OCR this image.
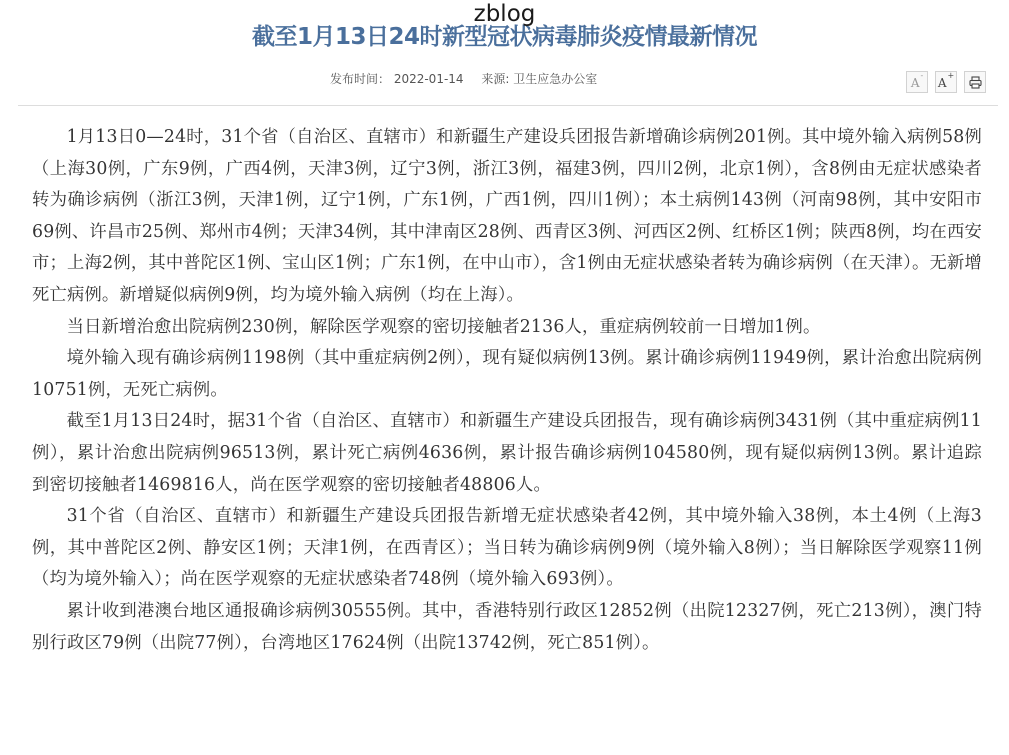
zblog
截至1月13日24时新型冠状病毒肺炎疫情最新情况
发布时间： 2022-01-14 来源: 卫生应急办公室	A-
A+

1月13日0—24时，31个省（自治区、直辖市）和新疆生产建设兵团报告新增确诊病例201例。其中境外输入病例58例（上海30例，广东9例，广西4例，天津3例，辽宁3例，浙江3例，福建3例，四川2例，北京1例），含8例由无症状感染者转为确诊病例（浙江3例，天津1例，辽宁1例，广东1例，广西1例，四川1例）；本土病例143例（河南98例，其中安阳市69例、许昌市25例、郑州市4例；天津34例，其中津南区28例、西青区3例、河西区2例、红桥区1例；陕西8例，均在西安市；上海2例，其中普陀区1例、宝山区1例；广东1例，在中山市），含1例由无症状感染者转为确诊病例（在天津）。无新增死亡病例。新增疑似病例9例，均为境外输入病例（均在上海）。

当日新增治愈出院病例230例，解除医学观察的密切接触者2136人，重症病例较前一日增加1例。

境外输入现有确诊病例1198例（其中重症病例2例），现有疑似病例13例。累计确诊病例11949例，累计治愈出院病例10751例，无死亡病例。

截至1月13日24时，据31个省（自治区、直辖市）和新疆生产建设兵团报告，现有确诊病例3431例（其中重症病例11例），累计治愈出院病例96513例，累计死亡病例4636例，累计报告确诊病例104580例，现有疑似病例13例。累计追踪到密切接触者1469816人，尚在医学观察的密切接触者48806人。

31个省（自治区、直辖市）和新疆生产建设兵团报告新增无症状感染者42例，其中境外输入38例，本土4例（上海3例，其中普陀区2例、静安区1例；天津1例，在西青区）；当日转为确诊病例9例（境外输入8例）；当日解除医学观察11例（均为境外输入）；尚在医学观察的无症状感染者748例（境外输入693例）。

累计收到港澳台地区通报确诊病例30555例。其中，香港特别行政区12852例（出院12327例，死亡213例），澳门特别行政区79例（出院77例），台湾地区17624例（出院13742例，死亡851例）。
